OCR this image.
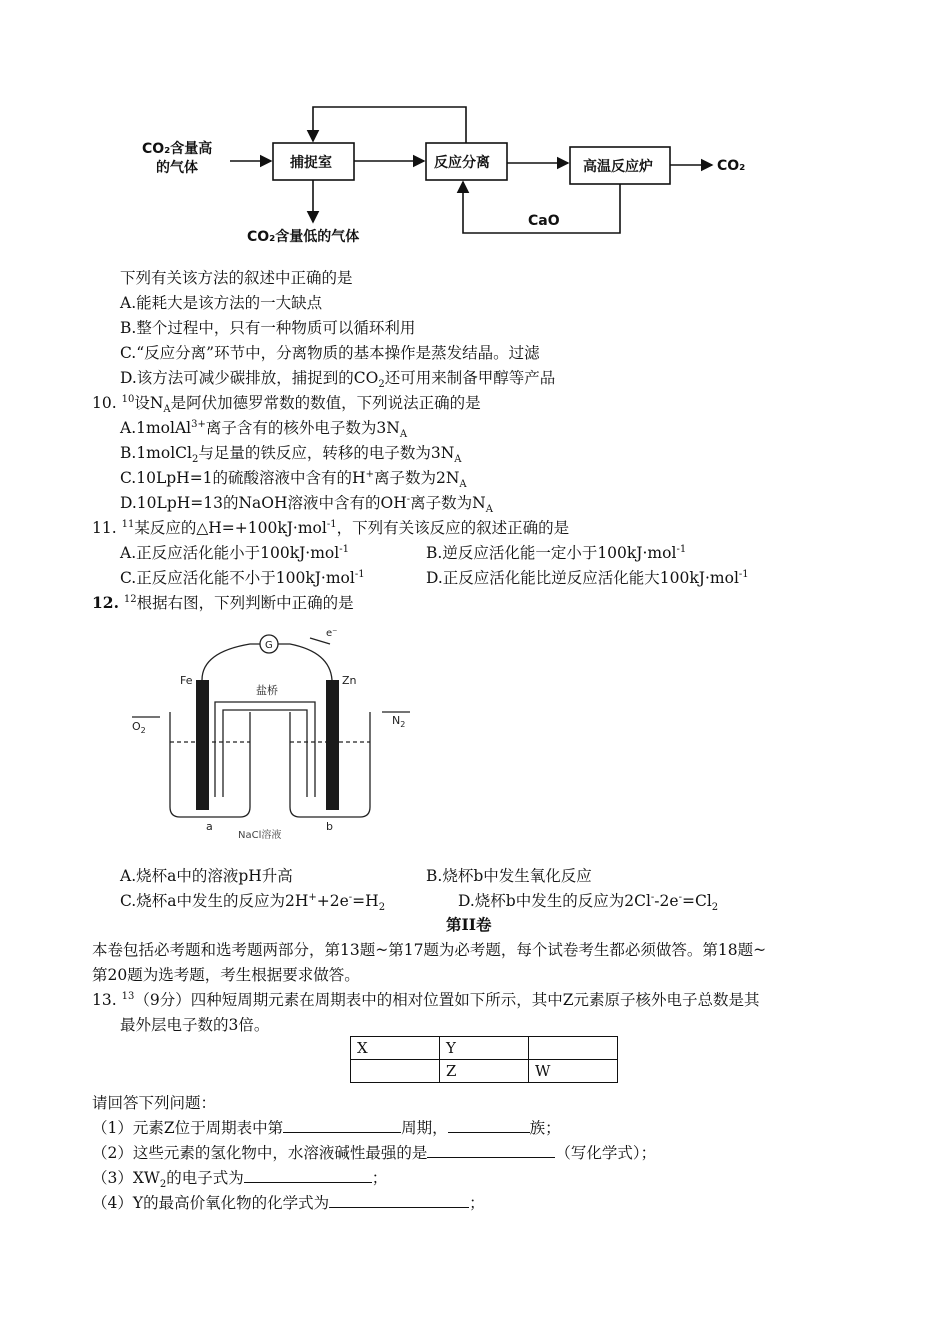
CO₂含量高
的气体	捕捉室	反应分离	高温反应炉	CO₂
CaO
CO₂含量低的气体
下列有关该方法的叙述中正确的是
A.能耗大是该方法的一大缺点
B.整个过程中，只有一种物质可以循环利用
C.“反应分离”环节中，分离物质的基本操作是蒸发结晶。过滤
D.该方法可减少碳排放，捕捉到的$CO_2$还可用来制备甲醇等产品
10. $^{10}$设$N_A$是阿伏加德罗常数的数值，下列说法正确的是
A.1molAl$^{3+}$离子含有的核外电子数为$3N_A$
B.1molCl$_2$与足量的铁反应，转移的电子数为$3N_A$
C.10LpH=1的硫酸溶液中含有的H+离子数为$2N_A$
D.10LpH=13的NaOH溶液中含有的OH-离子数为$N_A$
11. $^{11}$某反应的△H=+100kJ·mol$^{-1}$，下列有关该反应的叙述正确的是
A.正反应活化能小于100kJ·mol$^{-1}$	B.逆反应活化能一定小于100kJ·mol$^{-1}$
C.正反应活化能不小于100kJ·mol$^{-1}$	D.正反应活化能比逆反应活化能大100kJ·mol$^{-1}$
12. $^{12}$根据右图，下列判断中正确的是
Fe	Zn
盐桥
G
e⁻
$O_2$
$N_2$
a	b
NaCl溶液
A.烧杯a中的溶液pH升高	B.烧杯b中发生氧化反应
C.烧杯a中发生的反应为$2H^++2e^-=H_2$	D.烧杯b中发生的反应为$2Cl^--2e^-=Cl_2$
第II卷
本卷包括必考题和选考题两部分，第13题~第17题为必考题，每个试卷考生都必须做答。第18题~
第20题为选考题，考生根据要求做答。
13. $^{13}$（9分）四种短周期元素在周期表中的相对位置如下所示，其中Z元素原子核外电子总数是其
最外层电子数的3倍。
X	Y	
	Z	W
请回答下列问题：
（1）元素Z位于周期表中第	周期，	族；
（2）这些元素的氢化物中，水溶液碱性最强的是	（写化学式）；
$(3)XW_2$的电子式为	；
（4）Y的最高价氧化物的化学式为	；
